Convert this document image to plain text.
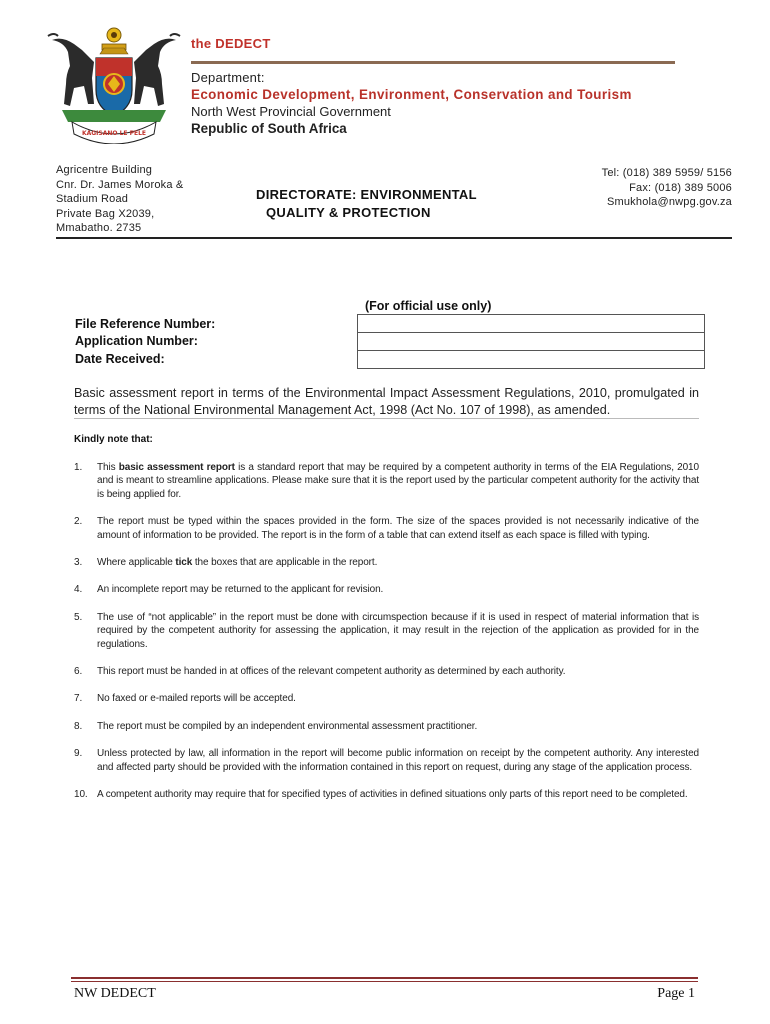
KAGISANO LE PELE
the DEDECT
Department:
Economic Development, Environment, Conservation and Tourism
North West Provincial Government
Republic of South Africa
Agricentre Building
Cnr. Dr. James Moroka &
Stadium Road
Private Bag X2039,
Mmabatho. 2735
DIRECTORATE: ENVIRONMENTAL
QUALITY & PROTECTION
Tel: (018) 389 5959/ 5156
Fax: (018) 389 5006
Smukhola@nwpg.gov.za
(For official use only)
File Reference Number:
Application Number:
Date Received:
Basic assessment report in terms of the Environmental Impact Assessment Regulations, 2010, promulgated in terms of the National Environmental Management Act, 1998 (Act No. 107 of 1998), as amended.
Kindly note that:
1.	This basic assessment report is a standard report that may be required by a competent authority in terms of the EIA Regulations, 2010 and is meant to streamline applications. Please make sure that it is the report used by the particular competent authority for the activity that is being applied for.
2.	The report must be typed within the spaces provided in the form. The size of the spaces provided is not necessarily indicative of the amount of information to be provided. The report is in the form of a table that can extend itself as each space is filled with typing.
3.	Where applicable tick the boxes that are applicable in the report.
4.	An incomplete report may be returned to the applicant for revision.
5.	The use of “not applicable” in the report must be done with circumspection because if it is used in respect of material information that is required by the competent authority for assessing the application, it may result in the rejection of the application as provided for in the regulations.
6.	This report must be handed in at offices of the relevant competent authority as determined by each authority.
7.	No faxed or e-mailed reports will be accepted.
8.	The report must be compiled by an independent environmental assessment practitioner.
9.	Unless protected by law, all information in the report will become public information on receipt by the competent authority. Any interested and affected party should be provided with the information contained in this report on request, during any stage of the application process.
10. A competent authority may require that for specified types of activities in defined situations only parts of this report need to be completed.
NW DEDECT	Page 1
